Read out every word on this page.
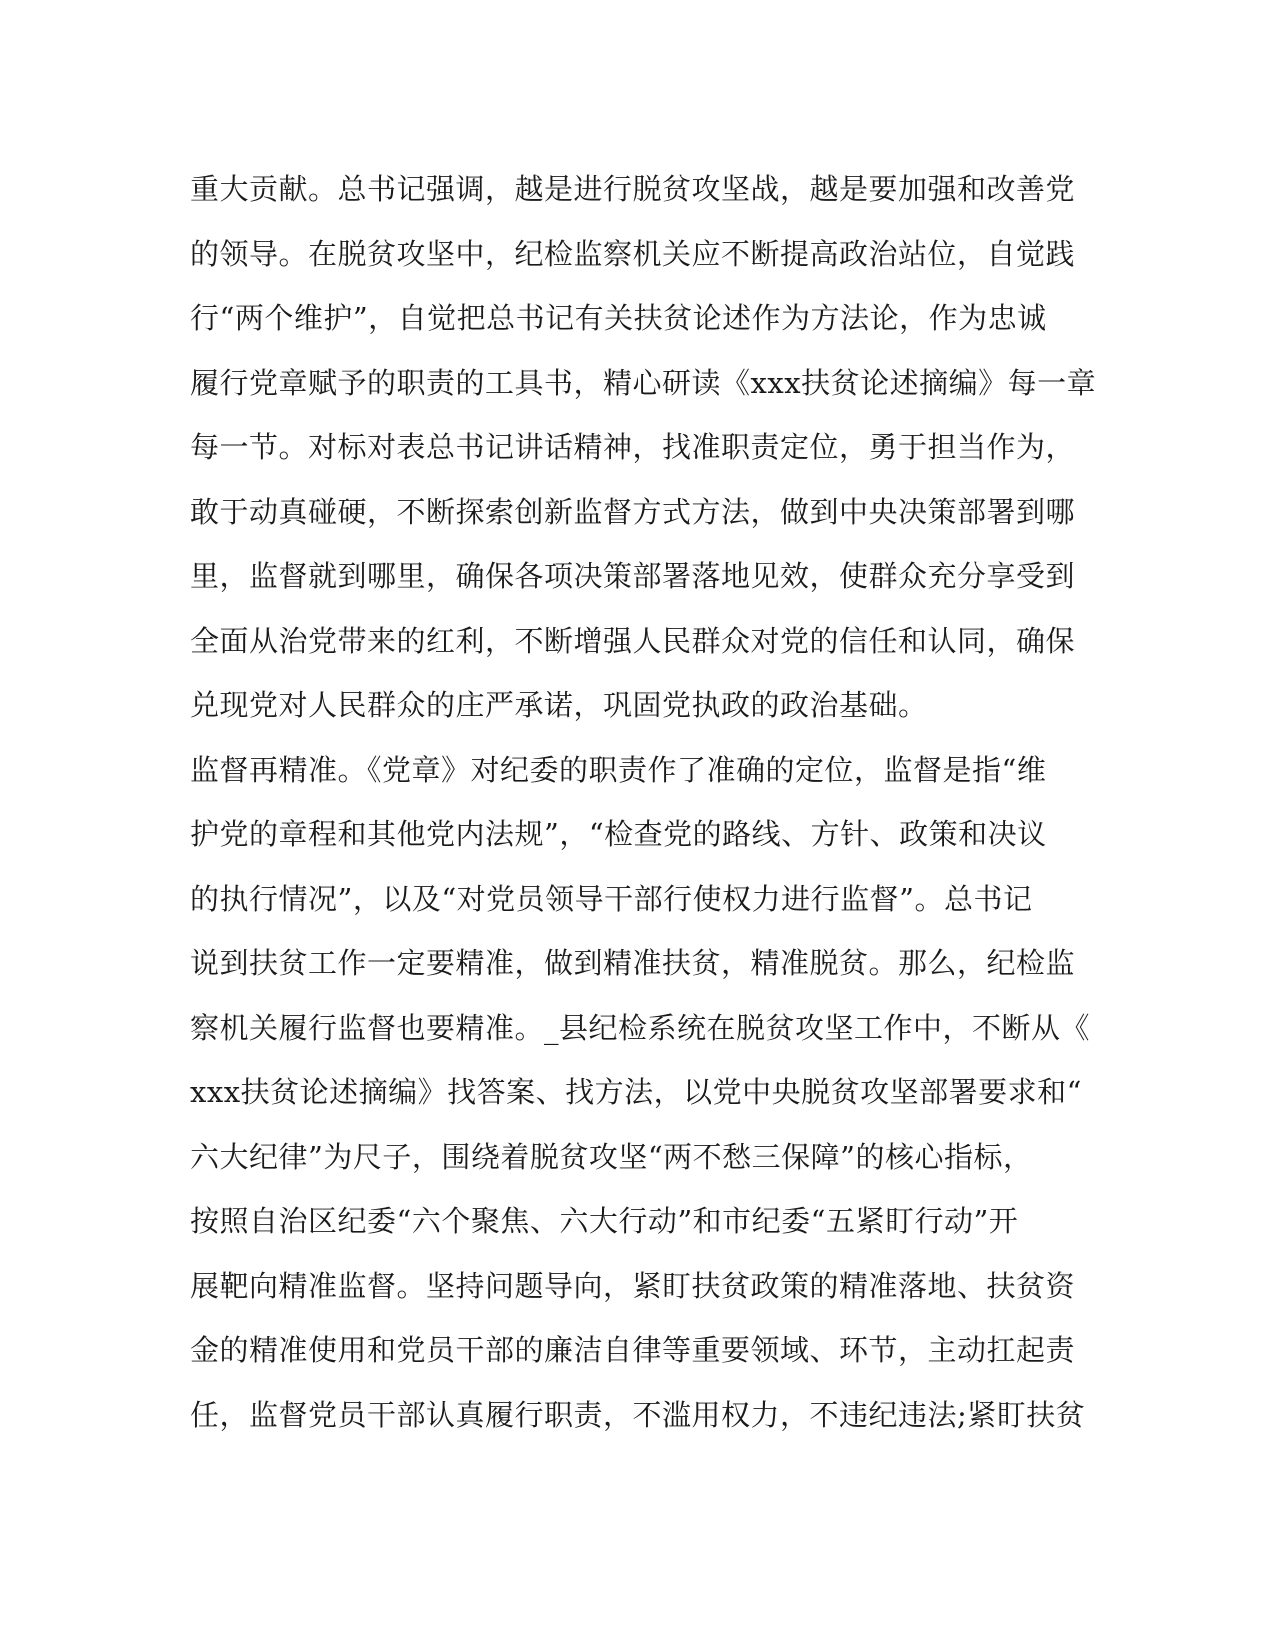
重大贡献。总书记强调，越是进行脱贫攻坚战，越是要加强和改善党
的领导。在脱贫攻坚中，纪检监察机关应不断提高政治站位，自觉践
行“两个维护”，自觉把总书记有关扶贫论述作为方法论，作为忠诚
履行党章赋予的职责的工具书，精心研读《xxx扶贫论述摘编》每一章
每一节。对标对表总书记讲话精神，找准职责定位，勇于担当作为，
敢于动真碰硬，不断探索创新监督方式方法，做到中央决策部署到哪
里，监督就到哪里，确保各项决策部署落地见效，使群众充分享受到
全面从治党带来的红利，不断增强人民群众对党的信任和认同，确保
兑现党对人民群众的庄严承诺，巩固党执政的政治基础。
监督再精准。《党章》对纪委的职责作了准确的定位，监督是指“维
护党的章程和其他党内法规”，“检查党的路线、方针、政策和决议
的执行情况”，以及“对党员领导干部行使权力进行监督”。总书记
说到扶贫工作一定要精准，做到精准扶贫，精准脱贫。那么，纪检监
察机关履行监督也要精准。_县纪检系统在脱贫攻坚工作中，不断从《
xxx扶贫论述摘编》找答案、找方法，以党中央脱贫攻坚部署要求和“
六大纪律”为尺子，围绕着脱贫攻坚“两不愁三保障”的核心指标，
按照自治区纪委“六个聚焦、六大行动”和市纪委“五紧盯行动”开
展靶向精准监督。坚持问题导向，紧盯扶贫政策的精准落地、扶贫资
金的精准使用和党员干部的廉洁自律等重要领域、环节，主动扛起责
任，监督党员干部认真履行职责，不滥用权力，不违纪违法;紧盯扶贫
